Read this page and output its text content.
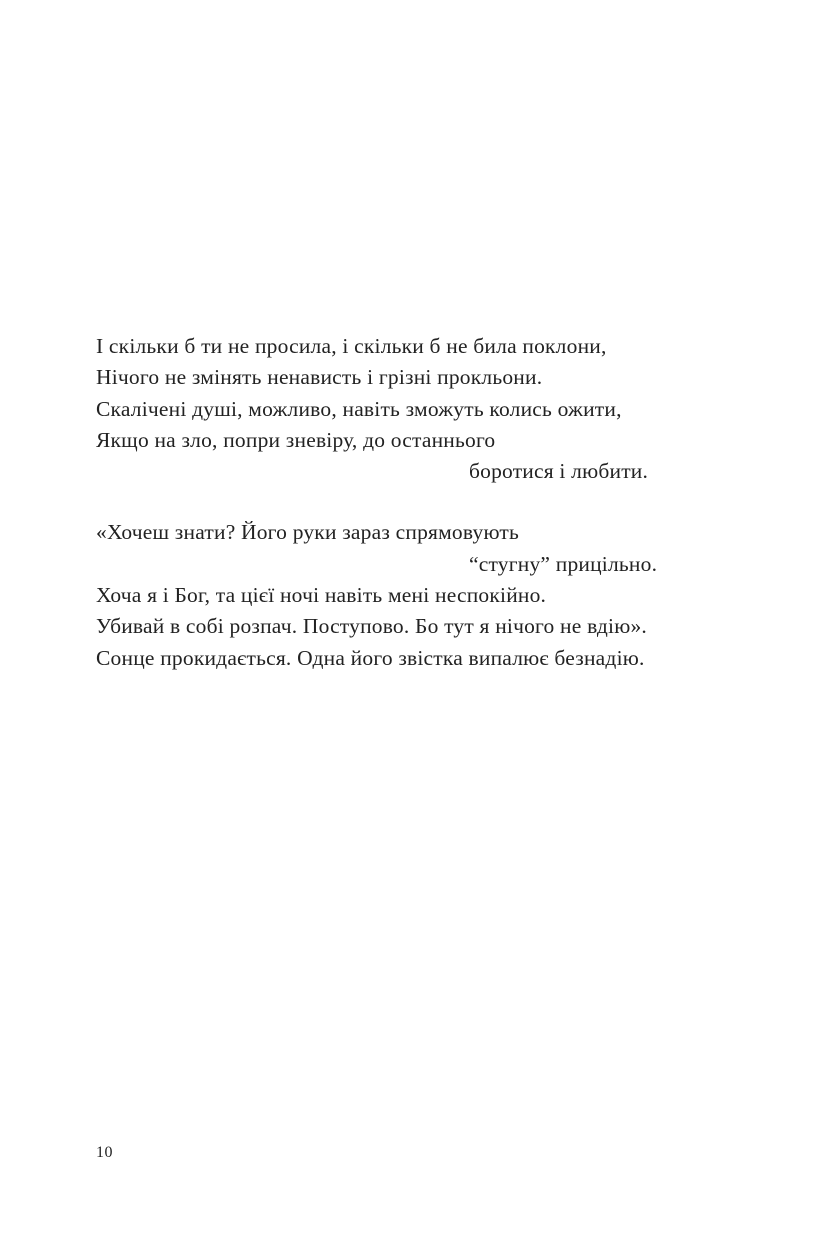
І скільки б ти не просила, і скільки б не била поклони,
Нічого не змінять ненависть і грізні прокльони.
Скалічені душі, можливо, навіть зможуть колись ожити,
Якщо на зло, попри зневіру, до останнього
боротися і любити.

«Хочеш знати? Його руки зараз спрямовують
“стугну” прицільно.
Хоча я і Бог, та цієї ночі навіть мені неспокійно.
Убивай в собі розпач. Поступово. Бо тут я нічого не вдію».
Сонце прокидається. Одна його звістка випалює безнадію.

10
